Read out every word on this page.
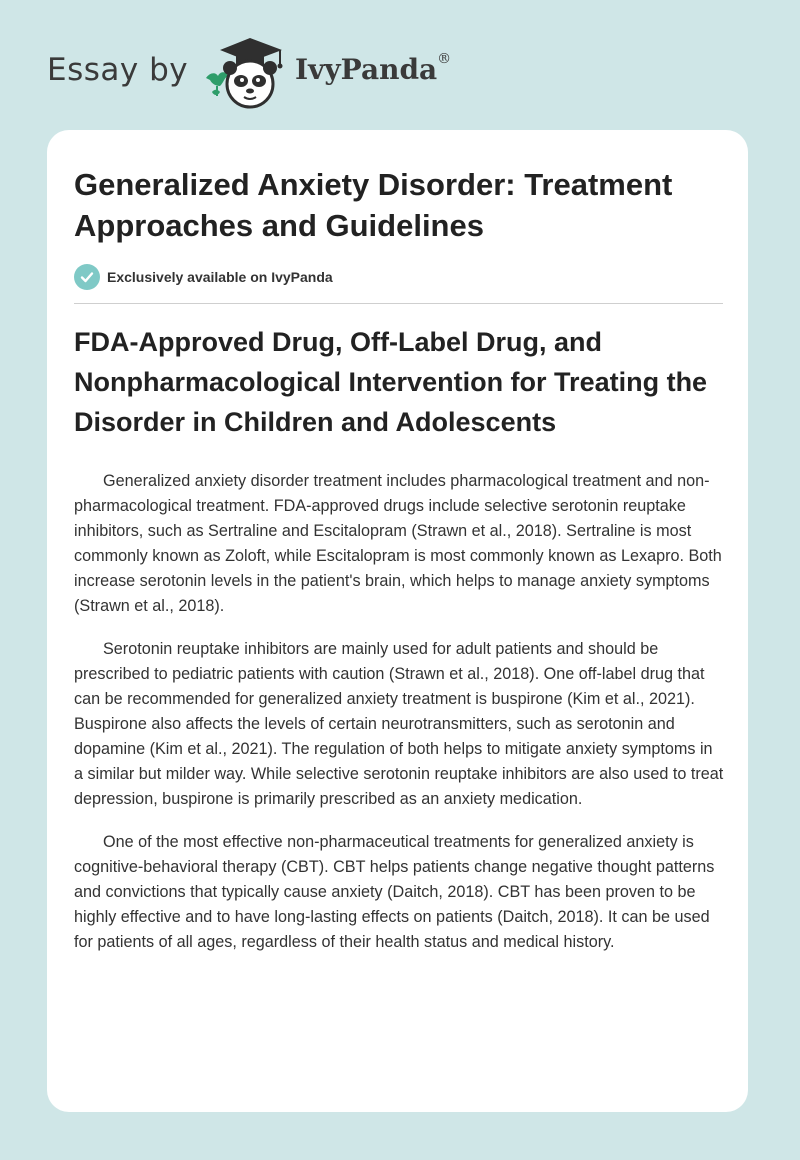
Essay by	IvyPanda®
Generalized Anxiety Disorder: Treatment Approaches and Guidelines
Exclusively available on IvyPanda
FDA-Approved Drug, Off-Label Drug, and Nonpharmacological Intervention for Treating the Disorder in Children and Adolescents

Generalized anxiety disorder treatment includes pharmacological treatment and non-pharmacological treatment. FDA-approved drugs include selective serotonin reuptake inhibitors, such as Sertraline and Escitalopram (Strawn et al., 2018). Sertraline is most commonly known as Zoloft, while Escitalopram is most commonly known as Lexapro. Both increase serotonin levels in the patient's brain, which helps to manage anxiety symptoms (Strawn et al., 2018).

Serotonin reuptake inhibitors are mainly used for adult patients and should be prescribed to pediatric patients with caution (Strawn et al., 2018). One off-label drug that can be recommended for generalized anxiety treatment is buspirone (Kim et al., 2021). Buspirone also affects the levels of certain neurotransmitters, such as serotonin and dopamine (Kim et al., 2021). The regulation of both helps to mitigate anxiety symptoms in a similar but milder way. While selective serotonin reuptake inhibitors are also used to treat depression, buspirone is primarily prescribed as an anxiety medication.

One of the most effective non-pharmaceutical treatments for generalized anxiety is cognitive-behavioral therapy (CBT). CBT helps patients change negative thought patterns and convictions that typically cause anxiety (Daitch, 2018). CBT has been proven to be highly effective and to have long-lasting effects on patients (Daitch, 2018). It can be used for patients of all ages, regardless of their health status and medical history.
